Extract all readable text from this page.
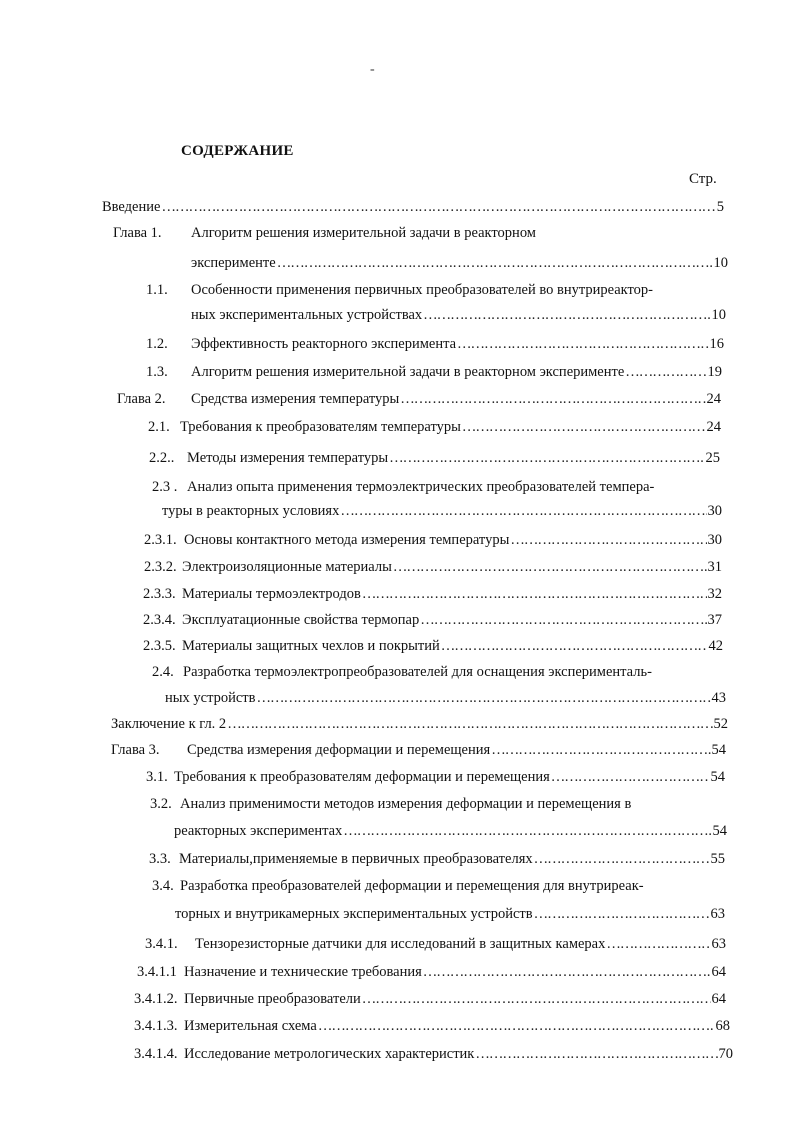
-
СОДЕРЖАНИЕ
Стр.
Введение …………………………………………………………………………………………………………………………………………………………………………………………	5
Глава 1. Алгоритм решения измерительной задачи в реакторном
эксперименте …………………………………………………………………………………………………………………………………………………………………………………………	10
1.1. Особенности применения первичных преобразователей во внутриреактор-
ных экспериментальных устройствах …………………………………………………………………………………………………………………………………………………………………………………………	10
1.2. Эффективность реакторного эксперимента …………………………………………………………………………………………………………………………………………………………………………………………	16
1.3. Алгоритм решения измерительной задачи в реакторном эксперименте …………………………………………………………………………………………………………………………………………………………………………………………	19
Глава 2. Средства измерения температуры …………………………………………………………………………………………………………………………………………………………………………………………	24
2.1. Требования к преобразователям температуры …………………………………………………………………………………………………………………………………………………………………………………………	24
2.2.. Методы измерения температуры …………………………………………………………………………………………………………………………………………………………………………………………	25
2.3 . Анализ опыта применения термоэлектрических преобразователей темпера-
туры в реакторных условиях …………………………………………………………………………………………………………………………………………………………………………………………	30
2.3.1. Основы контактного метода измерения температуры …………………………………………………………………………………………………………………………………………………………………………………………	30
2.3.2. Электроизоляционные материалы …………………………………………………………………………………………………………………………………………………………………………………………	31
2.3.3. Материалы термоэлектродов …………………………………………………………………………………………………………………………………………………………………………………………	32
2.3.4. Эксплуатационные свойства термопар …………………………………………………………………………………………………………………………………………………………………………………………	37
2.3.5. Материалы защитных чехлов и покрытий …………………………………………………………………………………………………………………………………………………………………………………………	42
2.4. Разработка термоэлектропреобразователей для оснащения эксперименталь-
ных устройств …………………………………………………………………………………………………………………………………………………………………………………………	43
Заключение к гл. 2 …………………………………………………………………………………………………………………………………………………………………………………………	52
Глава 3. Средства измерения деформации и перемещения …………………………………………………………………………………………………………………………………………………………………………………………	54
3.1. Требования к преобразователям деформации и перемещения …………………………………………………………………………………………………………………………………………………………………………………………	54
3.2. Анализ применимости методов измерения деформации и перемещения в
реакторных экспериментах …………………………………………………………………………………………………………………………………………………………………………………………	54
3.3. Материалы,применяемые в первичных преобразователях …………………………………………………………………………………………………………………………………………………………………………………………	55
3.4. Разработка преобразователей деформации и перемещения для внутриреак-
торных и внутрикамерных экспериментальных устройств …………………………………………………………………………………………………………………………………………………………………………………………	63
3.4.1. Тензорезисторные датчики для исследований в защитных камерах …………………………………………………………………………………………………………………………………………………………………………………………	63
3.4.1.1 Назначение и технические требования …………………………………………………………………………………………………………………………………………………………………………………………	64
3.4.1.2. Первичные преобразователи …………………………………………………………………………………………………………………………………………………………………………………………	64
3.4.1.3. Измерительная схема …………………………………………………………………………………………………………………………………………………………………………………………	68
3.4.1.4. Исследование метрологических характеристик …………………………………………………………………………………………………………………………………………………………………………………………	70
